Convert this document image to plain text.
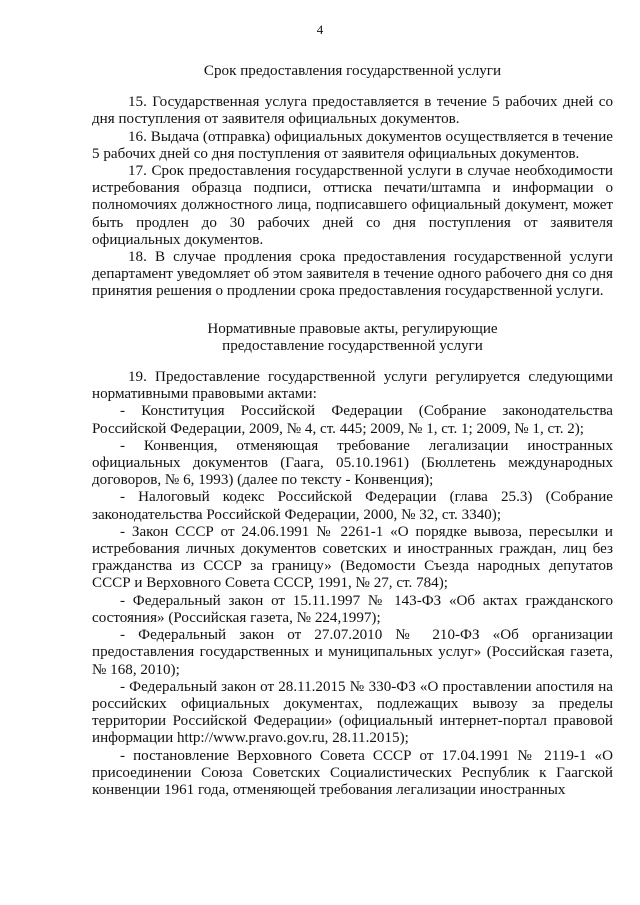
4
Срок предоставления государственной услуги

15. Государственная услуга предоставляется в течение 5 рабочих дней со дня поступления от заявителя официальных документов.

16. Выдача (отправка) официальных документов осуществляется в течение 5 рабочих дней со дня поступления от заявителя официальных документов.

17. Срок предоставления государственной услуги в случае необходимости истребования образца подписи, оттиска печати/штампа и информации о полномочиях должностного лица, подписавшего официальный документ, может быть продлен до 30 рабочих дней со дня поступления от заявителя официальных документов.

18. В случае продления срока предоставления государственной услуги департамент уведомляет об этом заявителя в течение одного рабочего дня со дня принятия решения о продлении срока предоставления государственной услуги.

Нормативные правовые акты, регулирующие
предоставление государственной услуги

19. Предоставление государственной услуги регулируется следующими нормативными правовыми актами:

- Конституция Российской Федерации (Собрание законодательства Российской Федерации, 2009, № 4, ст. 445; 2009, № 1, ст. 1; 2009, № 1, ст. 2);

- Конвенция, отменяющая требование легализации иностранных официальных документов (Гаага, 05.10.1961) (Бюллетень международных договоров, № 6, 1993) (далее по тексту - Конвенция);

- Налоговый кодекс Российской Федерации (глава 25.3) (Собрание законодательства Российской Федерации, 2000, № 32, ст. 3340);

- Закон СССР от 24.06.1991 № 2261-1 «О порядке вывоза, пересылки и истребования личных документов советских и иностранных граждан, лиц без гражданства из СССР за границу» (Ведомости Съезда народных депутатов СССР и Верховного Совета СССР, 1991, № 27, ст. 784);

- Федеральный закон от 15.11.1997 № 143-ФЗ «Об актах гражданского состояния» (Российская газета, № 224,1997);

- Федеральный закон от 27.07.2010 № 210-ФЗ «Об организации предоставления государственных и муниципальных услуг» (Российская газета, № 168, 2010);

- Федеральный закон от 28.11.2015 № 330-ФЗ «О проставлении апостиля на российских официальных документах, подлежащих вывозу за пределы территории Российской Федерации» (официальный интернет-портал правовой информации http://www.pravo.gov.ru, 28.11.2015);

- постановление Верховного Совета СССР от 17.04.1991 № 2119-1 «О присоединении Союза Советских Социалистических Республик к Гаагской конвенции 1961 года, отменяющей требования легализации иностранных
